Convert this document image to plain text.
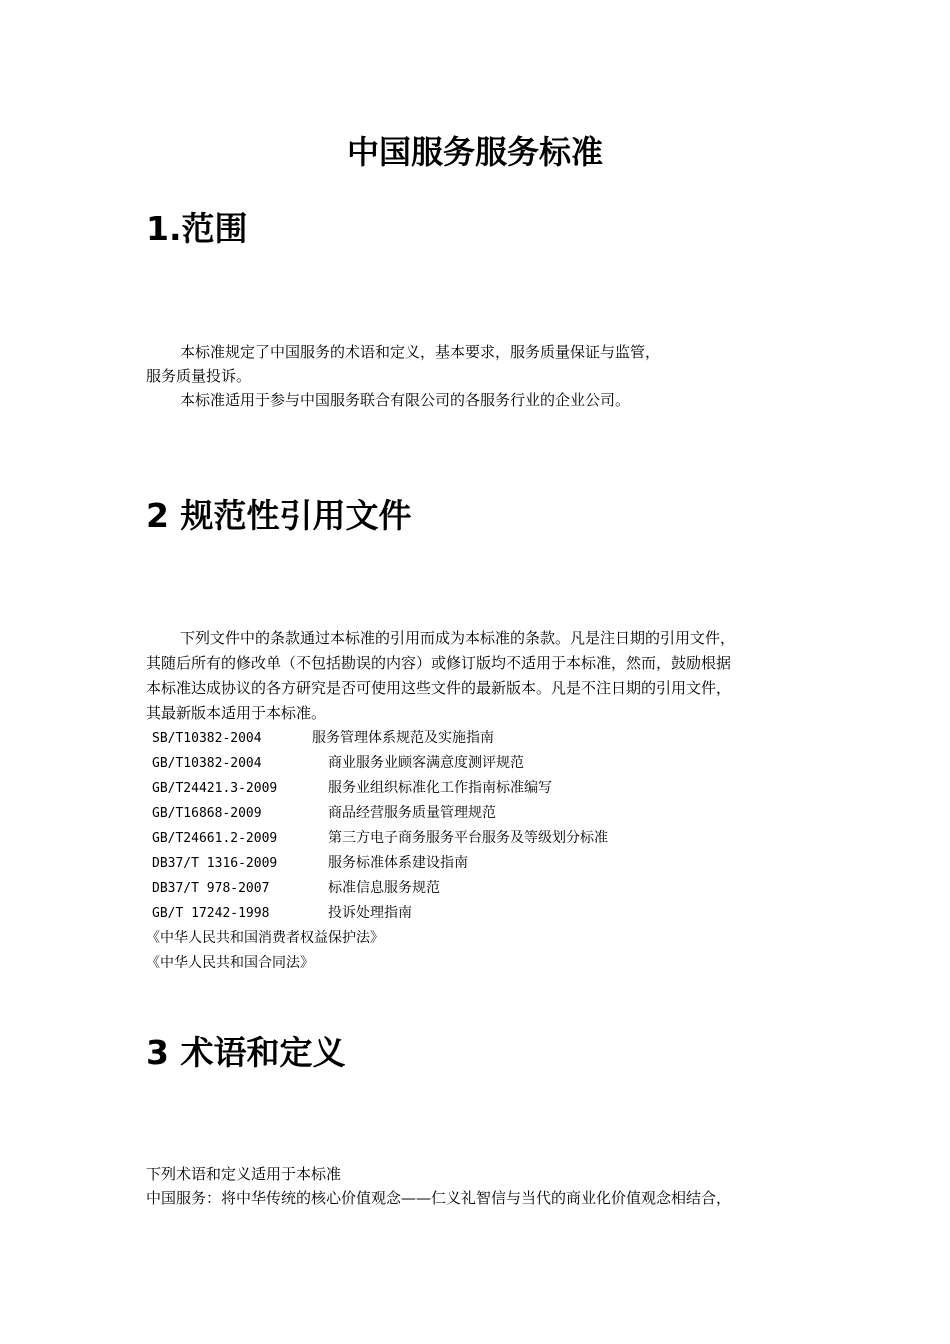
中国服务服务标准
1.范围
本标准规定了中国服务的术语和定义，基本要求，服务质量保证与监管，
服务质量投诉。
本标准适用于参与中国服务联合有限公司的各服务行业的企业公司。
2 规范性引用文件
下列文件中的条款通过本标准的引用而成为本标准的条款。凡是注日期的引用文件，
其随后所有的修改单（不包括勘误的内容）或修订版均不适用于本标准，然而，鼓励根据
本标准达成协议的各方研究是否可使用这些文件的最新版本。凡是不注日期的引用文件，
其最新版本适用于本标准。
SB/T10382-2004	服务管理体系规范及实施指南
GB/T10382-2004	商业服务业顾客满意度测评规范
GB/T24421.3-2009	服务业组织标准化工作指南标准编写
GB/T16868-2009	商品经营服务质量管理规范
GB/T24661.2-2009	第三方电子商务服务平台服务及等级划分标准
DB37/T 1316-2009	服务标准体系建设指南
DB37/T 978-2007	标准信息服务规范
GB/T 17242-1998	投诉处理指南
《中华人民共和国消费者权益保护法》
《中华人民共和国合同法》
3 术语和定义
下列术语和定义适用于本标准
中国服务：将中华传统的核心价值观念——仁义礼智信与当代的商业化价值观念相结合，
